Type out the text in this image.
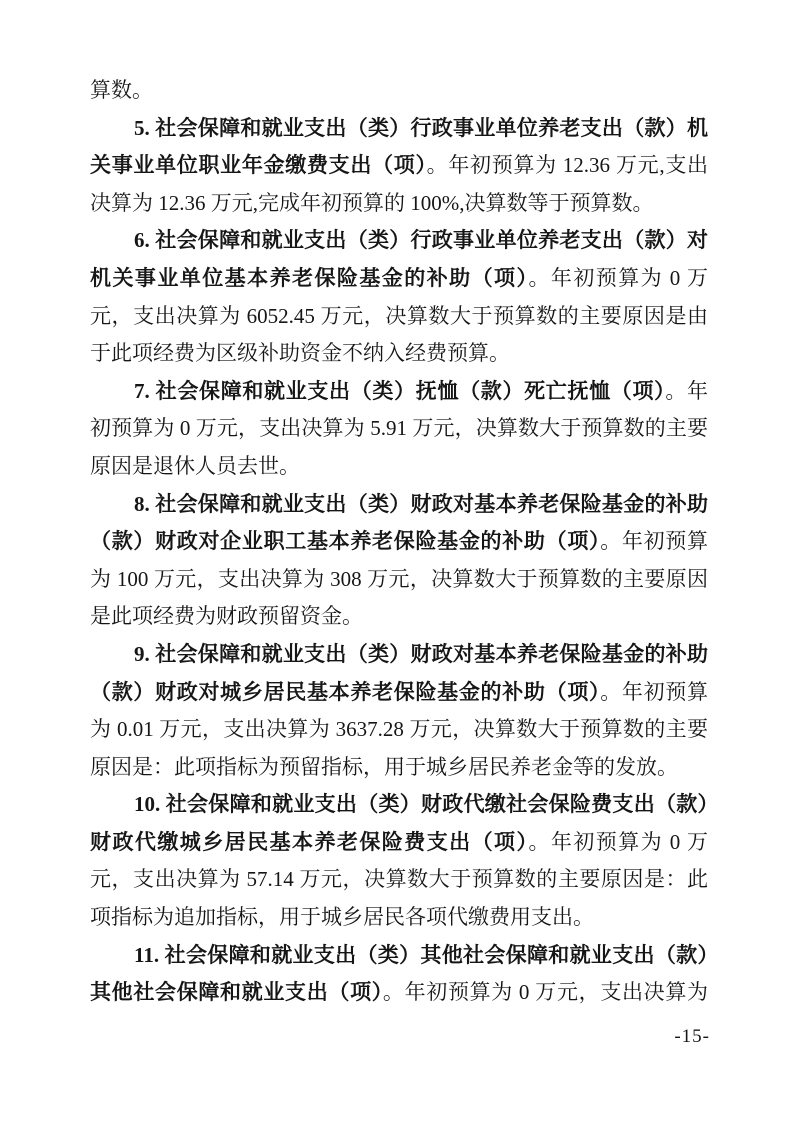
算数。

5. 社会保障和就业支出（类）行政事业单位养老支出（款）机关事业单位职业年金缴费支出（项）。年初预算为 12.36 万元,支出决算为 12.36 万元,完成年初预算的 100%,决算数等于预算数。

6. 社会保障和就业支出（类）行政事业单位养老支出（款）对机关事业单位基本养老保险基金的补助（项）。年初预算为 0 万元，支出决算为 6052.45 万元，决算数大于预算数的主要原因是由于此项经费为区级补助资金不纳入经费预算。

7. 社会保障和就业支出（类）抚恤（款）死亡抚恤（项）。年初预算为 0 万元，支出决算为 5.91 万元，决算数大于预算数的主要原因是退休人员去世。

8. 社会保障和就业支出（类）财政对基本养老保险基金的补助（款）财政对企业职工基本养老保险基金的补助（项）。年初预算为 100 万元，支出决算为 308 万元，决算数大于预算数的主要原因是此项经费为财政预留资金。

9. 社会保障和就业支出（类）财政对基本养老保险基金的补助（款）财政对城乡居民基本养老保险基金的补助（项）。年初预算为 0.01 万元，支出决算为 3637.28 万元，决算数大于预算数的主要原因是：此项指标为预留指标，用于城乡居民养老金等的发放。

10. 社会保障和就业支出（类）财政代缴社会保险费支出（款）财政代缴城乡居民基本养老保险费支出（项）。年初预算为 0 万元，支出决算为 57.14 万元，决算数大于预算数的主要原因是：此项指标为追加指标，用于城乡居民各项代缴费用支出。

11. 社会保障和就业支出（类）其他社会保障和就业支出（款）其他社会保障和就业支出（项）。年初预算为 0 万元，支出决算为

-15-
